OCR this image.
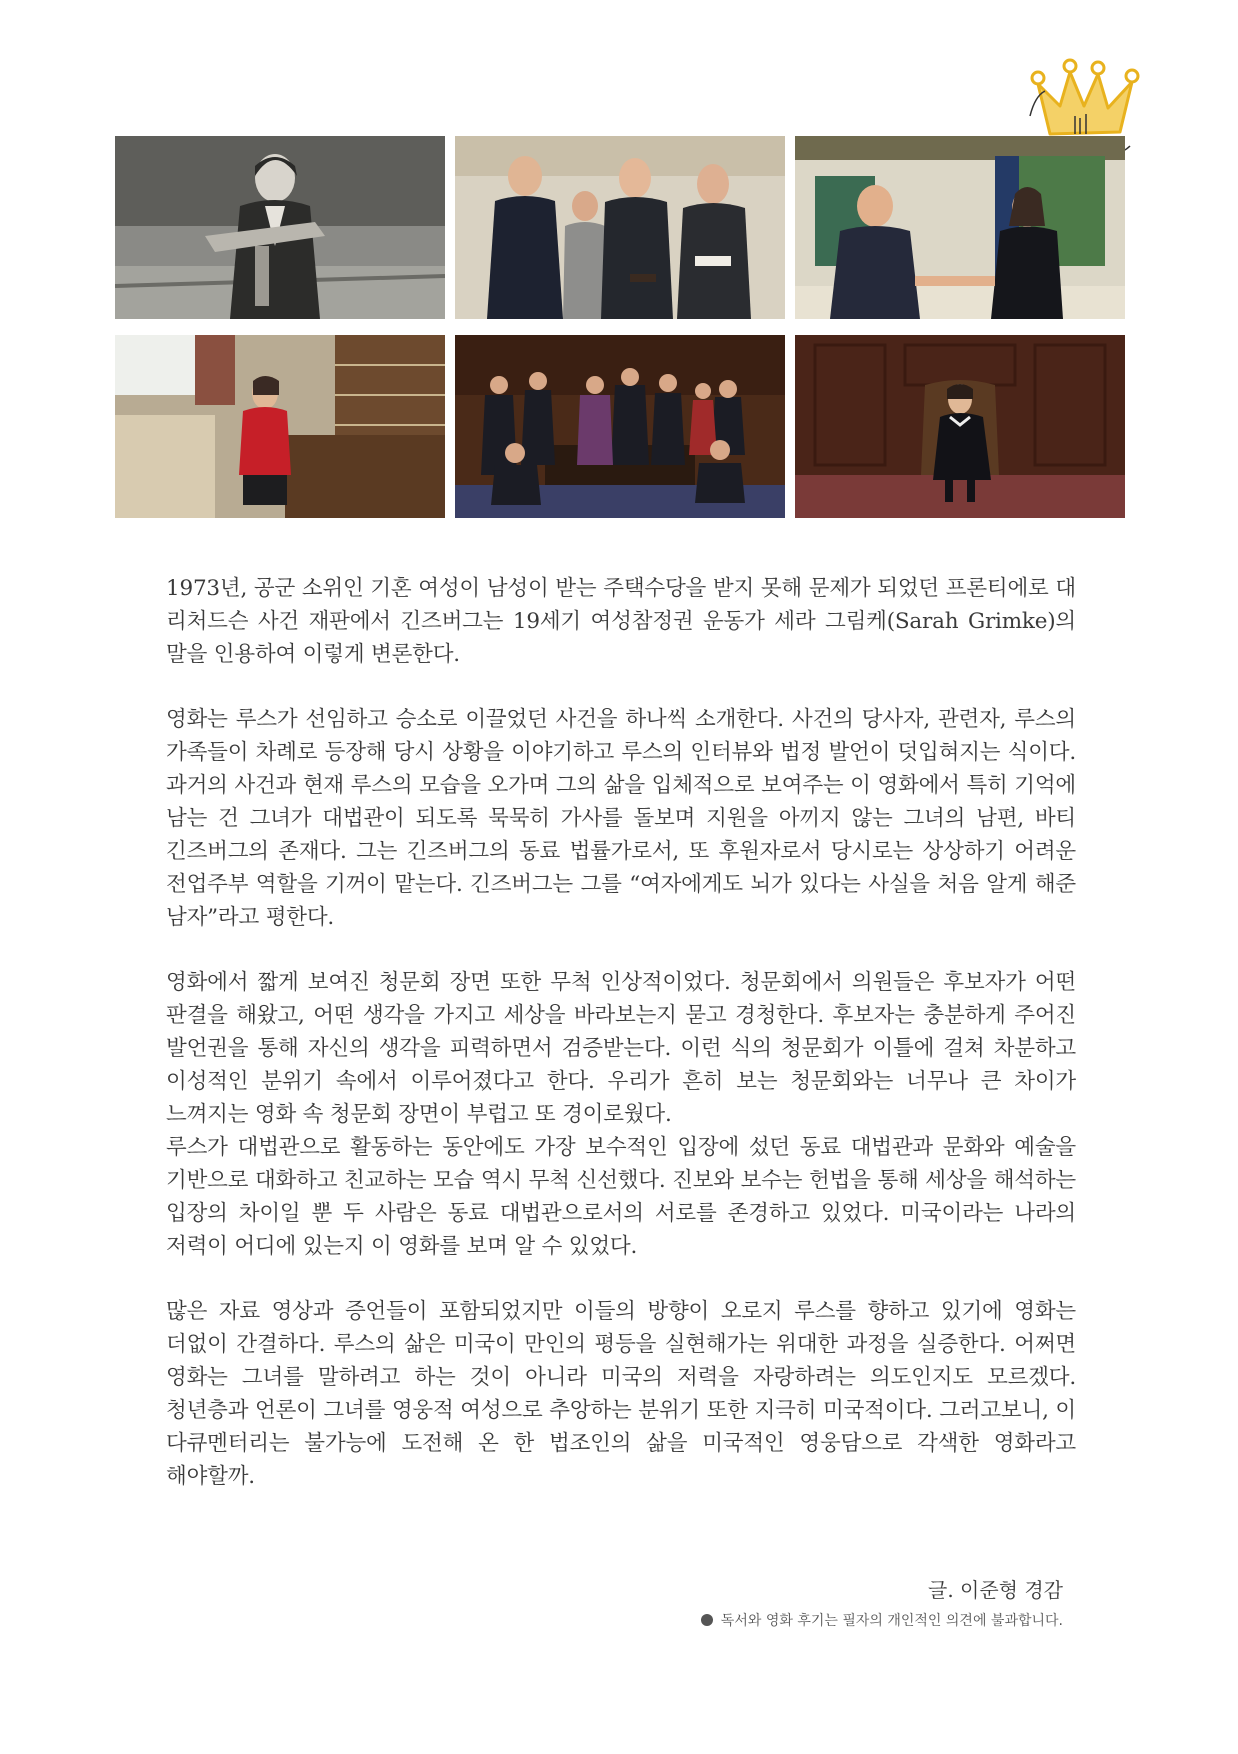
1973년, 공군 소위인 기혼 여성이 남성이 받는 주택수당을 받지 못해 문제가 되었던 프론티에로 대 리처드슨 사건 재판에서 긴즈버그는 19세기 여성참정권 운동가 세라 그림케(Sarah Grimke)의 말을 인용하여 이렇게 변론한다.

영화는 루스가 선임하고 승소로 이끌었던 사건을 하나씩 소개한다. 사건의 당사자, 관련자, 루스의 가족들이 차례로 등장해 당시 상황을 이야기하고 루스의 인터뷰와 법정 발언이 덧입혀지는 식이다. 과거의 사건과 현재 루스의 모습을 오가며 그의 삶을 입체적으로 보여주는 이 영화에서 특히 기억에 남는 건 그녀가 대법관이 되도록 묵묵히 가사를 돌보며 지원을 아끼지 않는 그녀의 남편, 바티 긴즈버그의 존재다. 그는 긴즈버그의 동료 법률가로서, 또 후원자로서 당시로는 상상하기 어려운 전업주부 역할을 기꺼이 맡는다. 긴즈버그는 그를 “여자에게도 뇌가 있다는 사실을 처음 알게 해준 남자”라고 평한다.

영화에서 짧게 보여진 청문회 장면 또한 무척 인상적이었다. 청문회에서 의원들은 후보자가 어떤 판결을 해왔고, 어떤 생각을 가지고 세상을 바라보는지 묻고 경청한다. 후보자는 충분하게 주어진 발언권을 통해 자신의 생각을 피력하면서 검증받는다. 이런 식의 청문회가 이틀에 걸쳐 차분하고 이성적인 분위기 속에서 이루어졌다고 한다. 우리가 흔히 보는 청문회와는 너무나 큰 차이가 느껴지는 영화 속 청문회 장면이 부럽고 또 경이로웠다.

루스가 대법관으로 활동하는 동안에도 가장 보수적인 입장에 섰던 동료 대법관과 문화와 예술을 기반으로 대화하고 친교하는 모습 역시 무척 신선했다. 진보와 보수는 헌법을 통해 세상을 해석하는 입장의 차이일 뿐 두 사람은 동료 대법관으로서의 서로를 존경하고 있었다. 미국이라는 나라의 저력이 어디에 있는지 이 영화를 보며 알 수 있었다.

많은 자료 영상과 증언들이 포함되었지만 이들의 방향이 오로지 루스를 향하고 있기에 영화는 더없이 간결하다. 루스의 삶은 미국이 만인의 평등을 실현해가는 위대한 과정을 실증한다. 어쩌면 영화는 그녀를 말하려고 하는 것이 아니라 미국의 저력을 자랑하려는 의도인지도 모르겠다. 청년층과 언론이 그녀를 영웅적 여성으로 추앙하는 분위기 또한 지극히 미국적이다. 그러고보니, 이 다큐멘터리는 불가능에 도전해 온 한 법조인의 삶을 미국적인 영웅담으로 각색한 영화라고 해야할까.

글. 이준형 경감
독서와 영화 후기는 필자의 개인적인 의견에 불과합니다.
